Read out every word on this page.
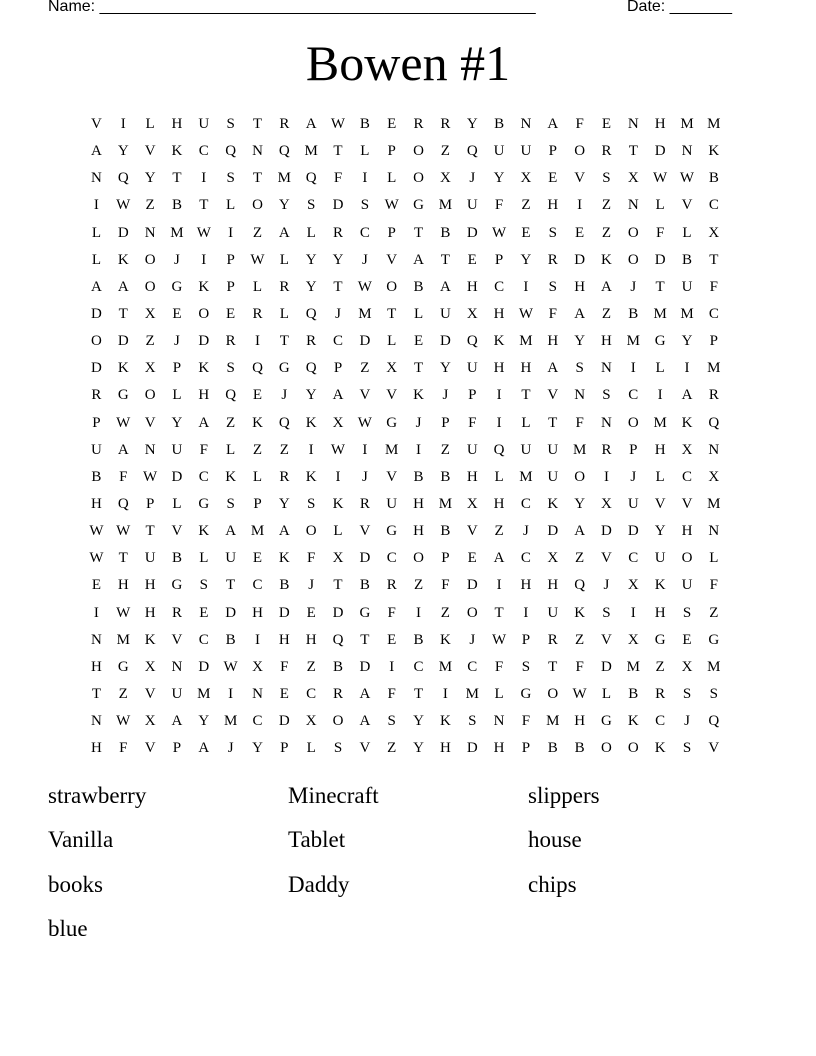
Name: _________________________________________________	Date: _______
Bowen #1
V	I	L	H	U	S	T	R	A W B	E	R	R	Y	B	N	A	F	E	N	H M M
A	Y	V	K	C	Q	N	Q M	T	L	P	O	Z	Q	U	U	P	O	R	T	D	N	K
N	Q	Y	T	I	S	T	M Q	F	I	L	O	X	J	Y	X	E	V	S	X W W B
I	W	Z	B	T	L	O	Y	S	D	S	W G M U	F	Z	H	I	Z	N	L	V	C
L	D	N M W	I	Z	A	L	R	C	P	T	B	D W	E	S	E	Z	O	F	L	X
L	K	O	J	I	P	W	L	Y	Y	J	V	A	T	E	P	Y	R	D	K	O	D	B	T
A	A	O	G	K	P	L	R	Y	T	W O	B	A	H	C	I	S	H	A	J	T	U	F
D	T	X	E	O	E	R	L	Q	J	M	T	L	U	X	H W	F	A	Z	B	M M	C
O	D	Z	J	D	R	I	T	R	C	D	L	E	D	Q	K M H	Y	H M G	Y	P
D	K	X	P	K	S	Q	G	Q	P	Z	X	T	Y	U	H	H	A	S	N	I	L	I	M
R	G	O	L	H	Q	E	J	Y	A	V	V	K	J	P	I	T	V	N	S	C	I	A	R
P	W V	Y	A	Z	K	Q	K	X W G	J	P	F	I	L	T	F	N	O M K	Q
U	A	N	U	F	L	Z	Z	I	W	I	M	I	Z	U	Q	U	U M	R	P	H	X	N
B	F	W D	C	K	L	R	K	I	J	V	B	B	H	L	M U	O	I	J	L	C	X
H	Q	P	L	G	S	P	Y	S	K	R	U	H M X	H	C	K	Y	X	U	V	V M
W W	T	V	K	A M A	O	L	V	G	H	B	V	Z	J	D	A	D	D	Y	H	N
W	T	U	B	L	U	E	K	F	X	D	C	O	P	E	A	C	X	Z	V	C	U	O	L
E	H	H	G	S	T	C	B	J	T	B	R	Z	F	D	I	H	H	Q	J	X	K	U	F
I	W H	R	E	D	H	D	E	D	G	F	I	Z	O	T	I	U	K	S	I	H	S	Z
N M K	V	C	B	I	H	H	Q	T	E	B	K	J	W	P	R	Z	V	X	G	E	G
H	G	X	N	D W X	F	Z	B	D	I	C	M	C	F	S	T	F	D M	Z	X M
T	Z	V	U M	I	N	E	C	R	A	F	T	I	M	L	G	O W	L	B	R	S	S
N W X	A	Y M	C	D	X	O	A	S	Y	K	S	N	F	M H	G	K	C	J	Q
H	F	V	P	A	J	Y	P	L	S	V	Z	Y	H	D	H	P	B	B	O	O	K	S	V
strawberry	Minecraft	slippers
Vanilla	Tablet	house
books	Daddy	chips
blue
